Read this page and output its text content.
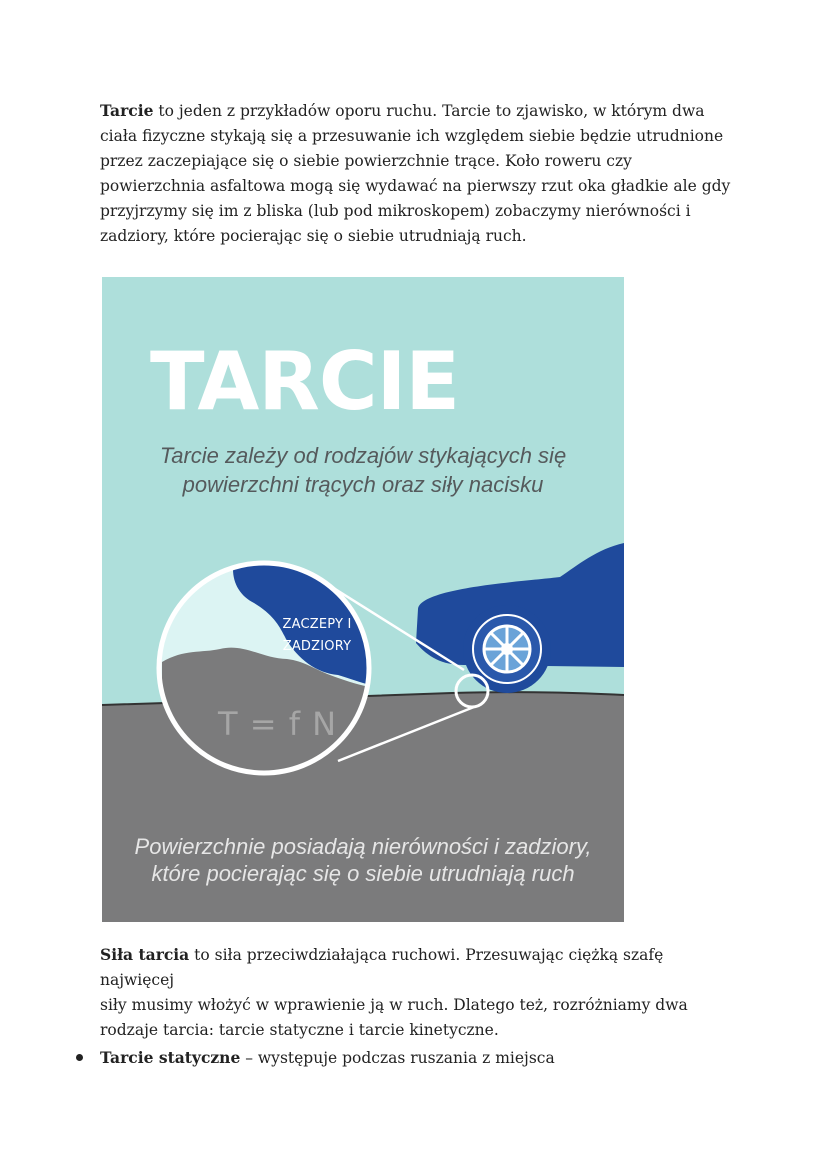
Tarcie to jeden z przykładów oporu ruchu. Tarcie to zjawisko, w którym dwa
ciała fizyczne stykają się a przesuwanie ich względem siebie będzie utrudnione
przez zaczepiające się o siebie powierzchnie trące. Koło roweru czy
powierzchnia asfaltowa mogą się wydawać na pierwszy rzut oka gładkie ale gdy
przyjrzymy się im z bliska (lub pod mikroskopem) zobaczymy nierówności i
zadziory, które pocierając się o siebie utrudniają ruch.

TARCIE
Tarcie zależy od rodzajów stykających się
powierzchni trących oraz siły nacisku
ZACZEPY I
ZADZIORY
T = f N
Powierzchnie posiadają nierówności i zadziory,
które pocierając się o siebie utrudniają ruch

Siła tarcia to siła przeciwdziałająca ruchowi. Przesuwając ciężką szafę najwięcej
siły musimy włożyć w wprawienie ją w ruch. Dlatego też, rozróżniamy dwa
rodzaje tarcia: tarcie statyczne i tarcie kinetyczne.

Tarcie statyczne – występuje podczas ruszania z miejsca
